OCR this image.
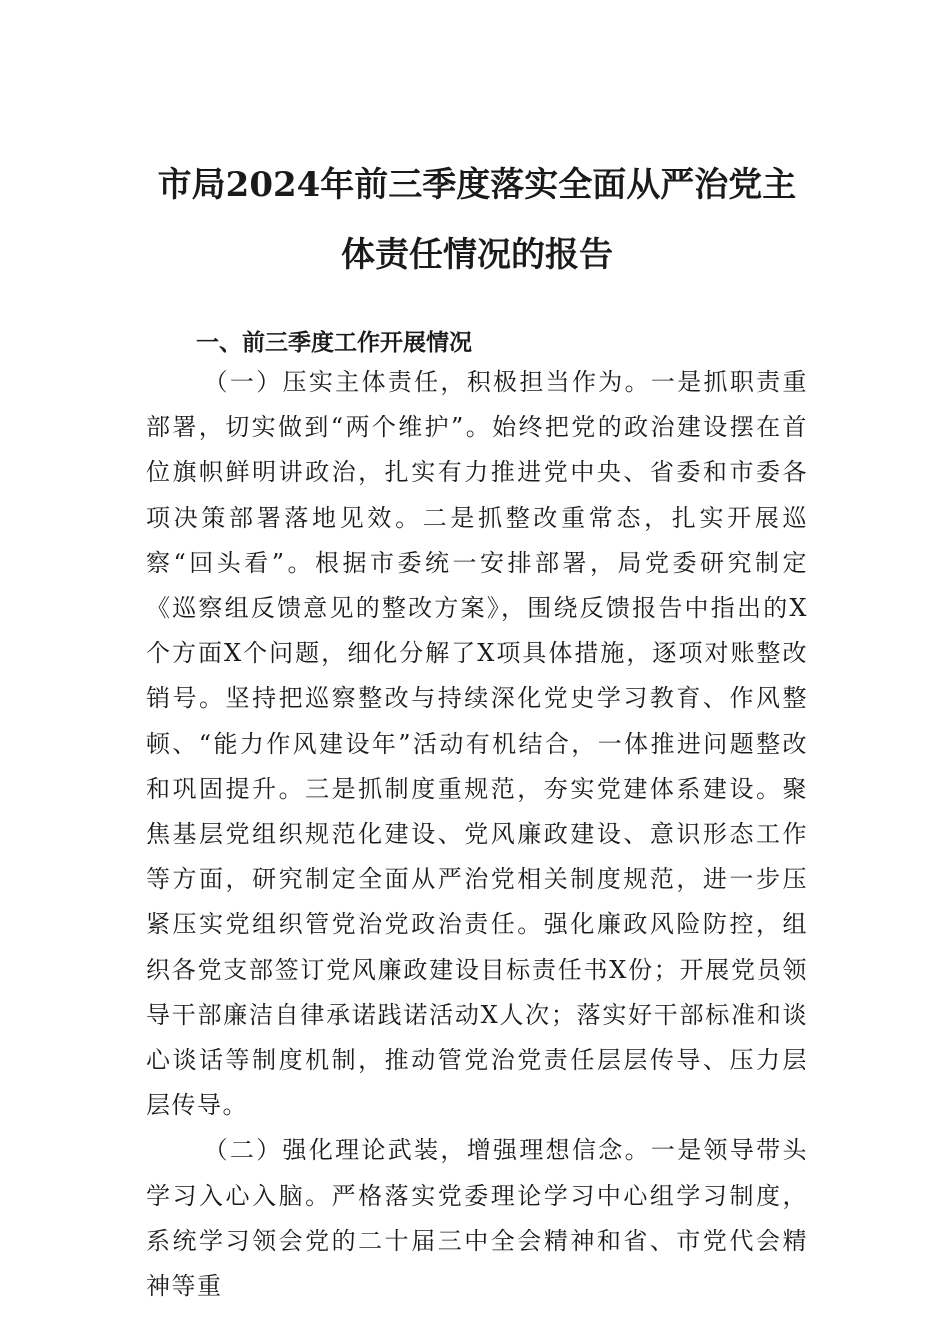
市局2024年前三季度落实全面从严治党主
体责任情况的报告
一、前三季度工作开展情况

（一）压实主体责任，积极担当作为。一是抓职责重部署，切实做到“两个维护”。始终把党的政治建设摆在首位旗帜鲜明讲政治，扎实有力推进党中央、省委和市委各项决策部署落地见效。二是抓整改重常态，扎实开展巡察“回头看”。根据市委统一安排部署，局党委研究制定《巡察组反馈意见的整改方案》，围绕反馈报告中指出的X个方面X个问题，细化分解了X项具体措施，逐项对账整改销号。坚持把巡察整改与持续深化党史学习教育、作风整顿、“能力作风建设年”活动有机结合，一体推进问题整改和巩固提升。三是抓制度重规范，夯实党建体系建设。聚焦基层党组织规范化建设、党风廉政建设、意识形态工作等方面，研究制定全面从严治党相关制度规范，进一步压紧压实党组织管党治党政治责任。强化廉政风险防控，组织各党支部签订党风廉政建设目标责任书X份；开展党员领导干部廉洁自律承诺践诺活动X人次；落实好干部标准和谈心谈话等制度机制，推动管党治党责任层层传导、压力层层传导。

（二）强化理论武装，增强理想信念。一是领导带头学习入心入脑。严格落实党委理论学习中心组学习制度，系统学习领会党的二十届三中全会精神和省、市党代会精神等重
